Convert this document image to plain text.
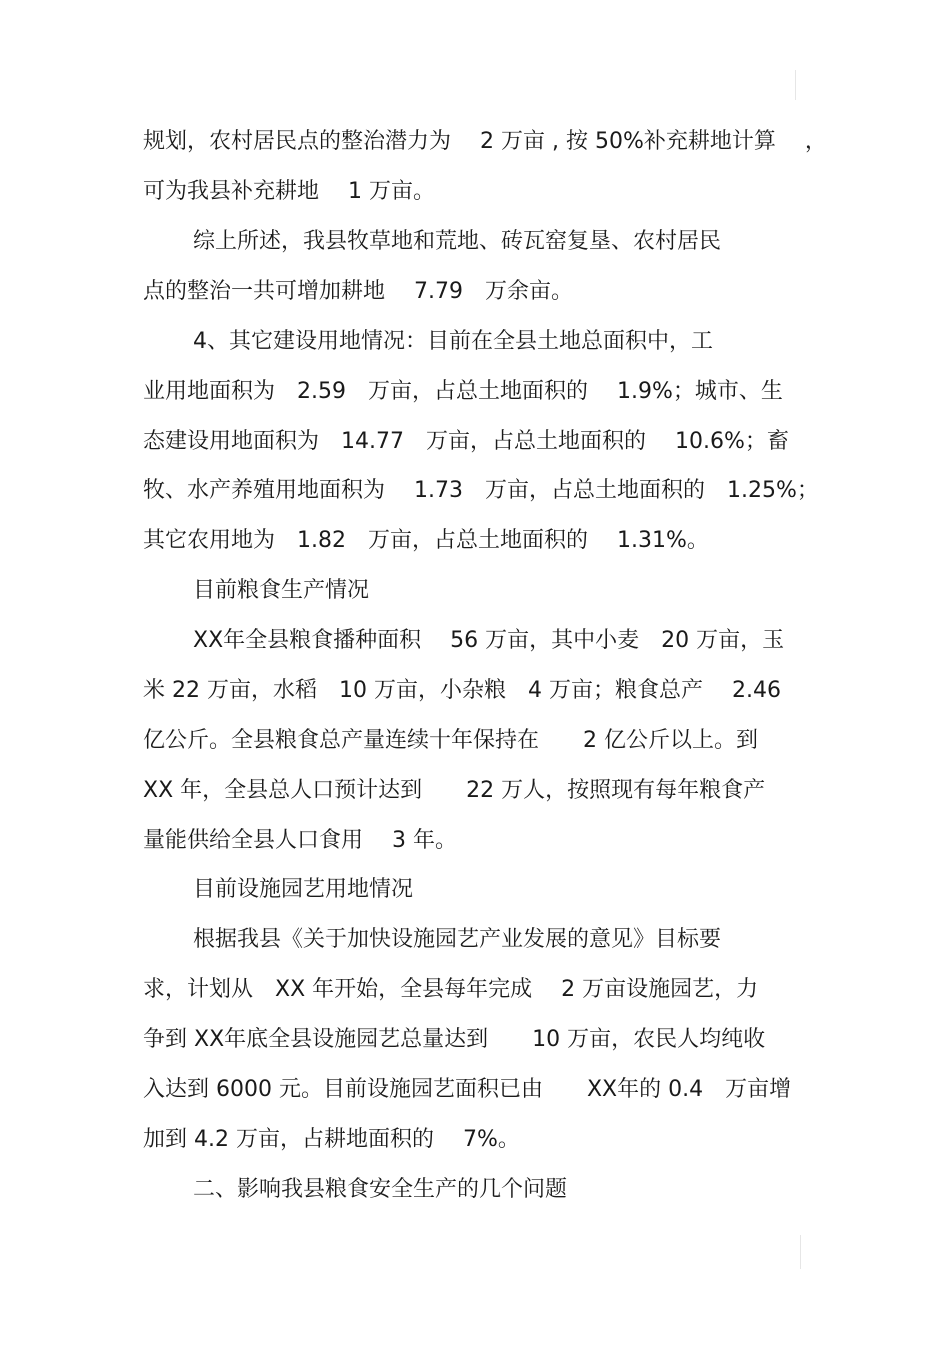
规划，农村居民点的整治潜力为　 2 万亩 , 按 50%补充耕地计算　 ，
可为我县补充耕地　 1 万亩。
综上所述，我县牧草地和荒地、砖瓦窑复垦、农村居民
点的整治一共可增加耕地　 7.79　万余亩。
4、其它建设用地情况：目前在全县土地总面积中，工
业用地面积为　2.59　万亩，占总土地面积的　 1.9%；城市、生
态建设用地面积为　14.77　万亩，占总土地面积的　 10.6%；畜
牧、水产养殖用地面积为　 1.73　万亩，占总土地面积的　1.25%；
其它农用地为　1.82　万亩，占总土地面积的　 1.31%。
目前粮食生产情况
XX年全县粮食播种面积　 56 万亩，其中小麦　20 万亩，玉
米 22 万亩，水稻　10 万亩，小杂粮　4 万亩；粮食总产　 2.46
亿公斤。全县粮食总产量连续十年保持在　　2 亿公斤以上。到
XX 年，全县总人口预计达到　　22 万人，按照现有每年粮食产
量能供给全县人口食用　 3 年。
目前设施园艺用地情况
根据我县《关于加快设施园艺产业发展的意见》目标要
求，计划从　XX 年开始，全县每年完成　 2 万亩设施园艺，力
争到 XX年底全县设施园艺总量达到　　10 万亩，农民人均纯收
入达到 6000 元。目前设施园艺面积已由　　XX年的 0.4　万亩增
加到 4.2 万亩，占耕地面积的　 7%。
二、影响我县粮食安全生产的几个问题
